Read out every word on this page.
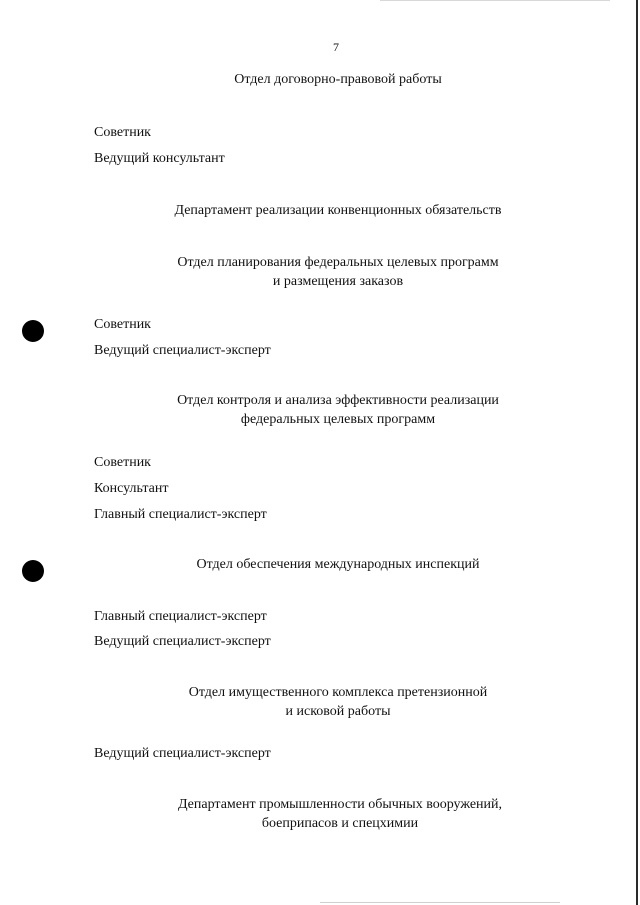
7
Отдел договорно-правовой работы
Советник
Ведущий консультант
Департамент реализации конвенционных обязательств
Отдел планирования федеральных целевых программ
и размещения заказов
Советник
Ведущий специалист-эксперт
Отдел контроля и анализа эффективности реализации
федеральных целевых программ
Советник
Консультант
Главный специалист-эксперт
Отдел обеспечения международных инспекций
Главный специалист-эксперт
Ведущий специалист-эксперт
Отдел имущественного комплекса претензионной
и исковой работы
Ведущий специалист-эксперт
Департамент промышленности обычных вооружений,
боеприпасов и спецхимии
